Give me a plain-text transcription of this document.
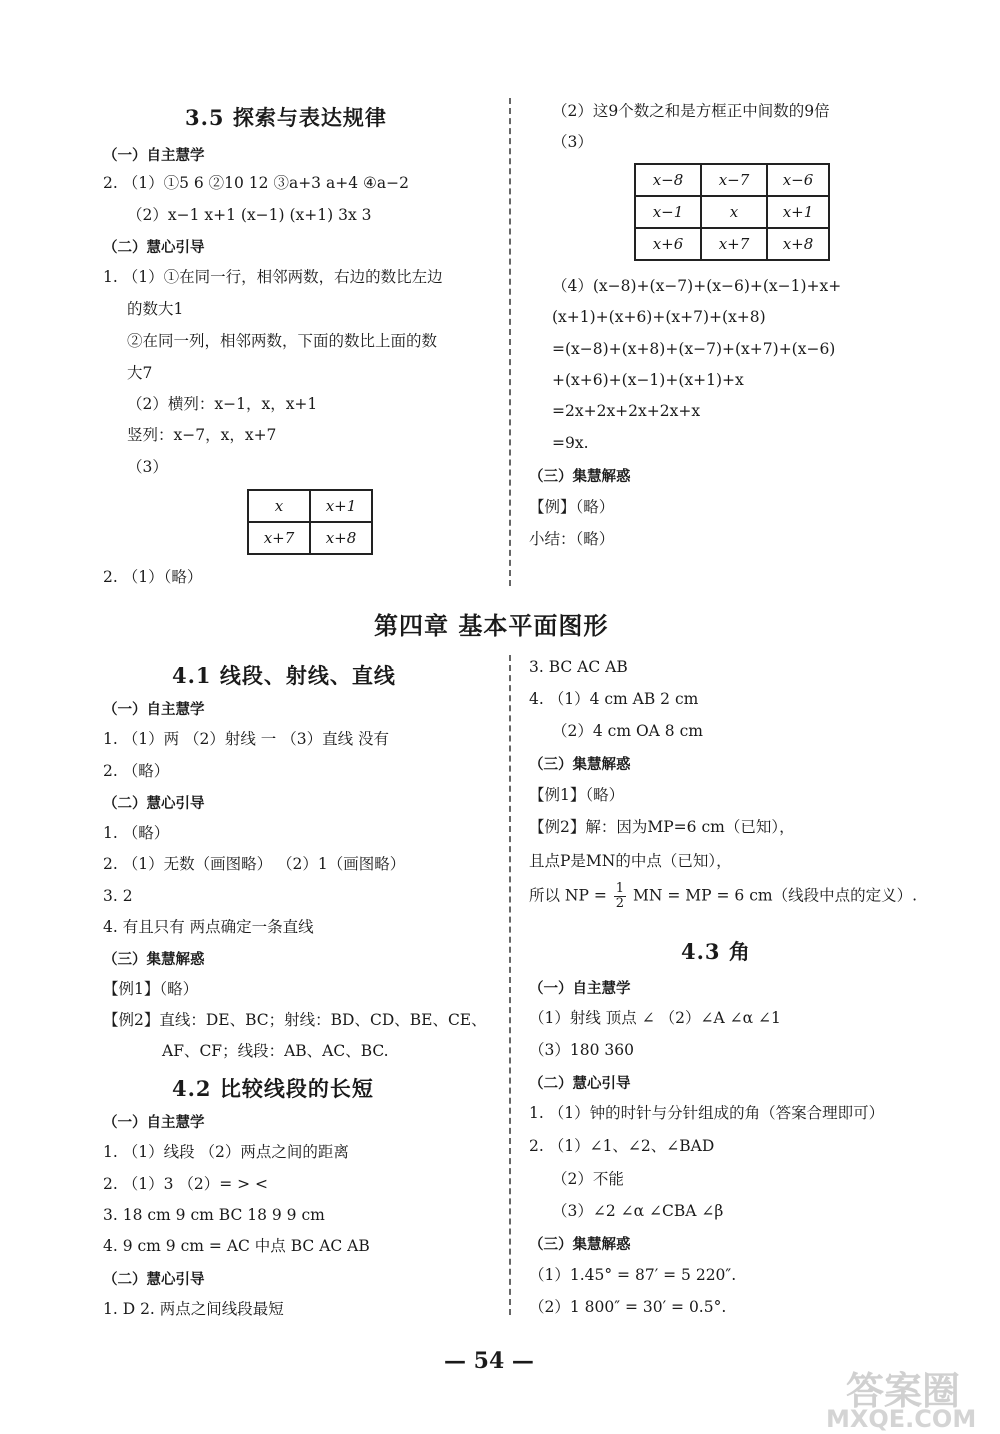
3.5 探索与表达规律
（一）自主慧学
2. （1）①5 6 ②10 12 ③a+3 a+4 ④a−2
（2）x−1 x+1 (x−1) (x+1) 3x 3
（二）慧心引导
1. （1）①在同一行，相邻两数，右边的数比左边
的数大1
②在同一列，相邻两数，下面的数比上面的数
大7
（2）横列：x−1，x，x+1
竖列：x−7，x，x+7
（3）
x	x+1
x+7	x+8
2. （1）（略）
（2）这9个数之和是方框正中间数的9倍
（3）
x−8	x−7	x−6
x−1	x	x+1
x+6	x+7	x+8
（4）(x−8)+(x−7)+(x−6)+(x−1)+x+
(x+1)+(x+6)+(x+7)+(x+8)
=(x−8)+(x+8)+(x−7)+(x+7)+(x−6)
+(x+6)+(x−1)+(x+1)+x
=2x+2x+2x+2x+x
=9x.
（三）集慧解惑
【例】（略）
小结：（略）
第四章 基本平面图形
4.1 线段、射线、直线
（一）自主慧学
1. （1）两 （2）射线 一 （3）直线 没有
2. （略）
（二）慧心引导
1. （略）
2. （1）无数（画图略） （2）1（画图略）
3. 2
4. 有且只有 两点确定一条直线
（三）集慧解惑
【例1】（略）
【例2】直线：DE、BC；射线：BD、CD、BE、CE、
AF、CF；线段：AB、AC、BC.
4.2 比较线段的长短
（一）自主慧学
1. （1）线段 （2）两点之间的距离
2. （1）3 （2）= > <
3. 18 cm 9 cm BC 18 9 9 cm
4. 9 cm 9 cm = AC 中点 BC AC AB
（二）慧心引导
1. D 2. 两点之间线段最短
3. BC AC AB
4. （1）4 cm AB 2 cm
（2）4 cm OA 8 cm
（三）集慧解惑
【例1】（略）
【例2】解：因为MP=6 cm（已知），
且点P是MN的中点（已知），
所以 NP = $\frac{1}{2}$ MN = MP = 6 cm（线段中点的定义）.
4.3 角
（一）自主慧学
（1）射线 顶点 ∠ （2）∠A ∠α ∠1
（3）180 360
（二）慧心引导
1. （1）钟的时针与分针组成的角（答案合理即可）
2. （1）∠1、∠2、∠BAD
（2）不能
（3）∠2 ∠α ∠CBA ∠β
（三）集慧解惑
（1）1.45° = 87′ = 5 220″.
（2）1 800″ = 30′ = 0.5°.
— 54 —
答案圈
MXQE.COM
